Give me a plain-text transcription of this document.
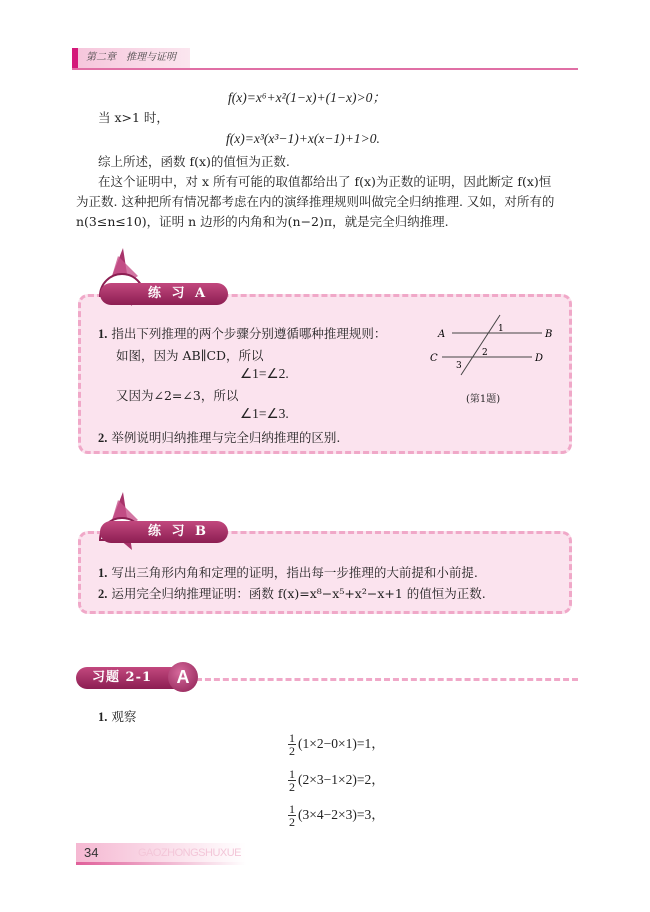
第二章　推理与证明
f(x)=x⁶+x²(1−x)+(1−x)>0；
当 x>1 时，
f(x)=x³(x³−1)+x(x−1)+1>0.
综上所述，函数 f(x)的值恒为正数.
在这个证明中，对 x 所有可能的取值都给出了 f(x)为正数的证明，因此断定 f(x)恒
为正数. 这种把所有情况都考虑在内的演绎推理规则叫做完全归纳推理. 又如，对所有的
n(3≤n≤10)，证明 n 边形的内角和为(n−2)π，就是完全归纳推理.
练 习 A
1. 指出下列推理的两个步骤分别遵循哪种推理规则：
如图，因为 AB∥CD，所以
∠1=∠2.
又因为∠2=∠3，所以
∠1=∠3.
2. 举例说明归纳推理与完全归纳推理的区别.
A	B
C	D
1
2
3
(第1题)
练 习 B
1. 写出三角形内角和定理的证明，指出每一步推理的大前提和小前提.
2. 运用完全归纳推理证明：函数 f(x)=x⁸−x⁵+x²−x+1 的值恒为正数.
习题 2-1	A
1. 观察
$\frac{1}{2} (1\times 2-0\times 1)=1$，
$\frac{1}{2} (2\times 3-1\times 2)=2$，
$\frac{1}{2} (3\times 4-2\times 3)=3$，
34	GAOZHONGSHUXUE
